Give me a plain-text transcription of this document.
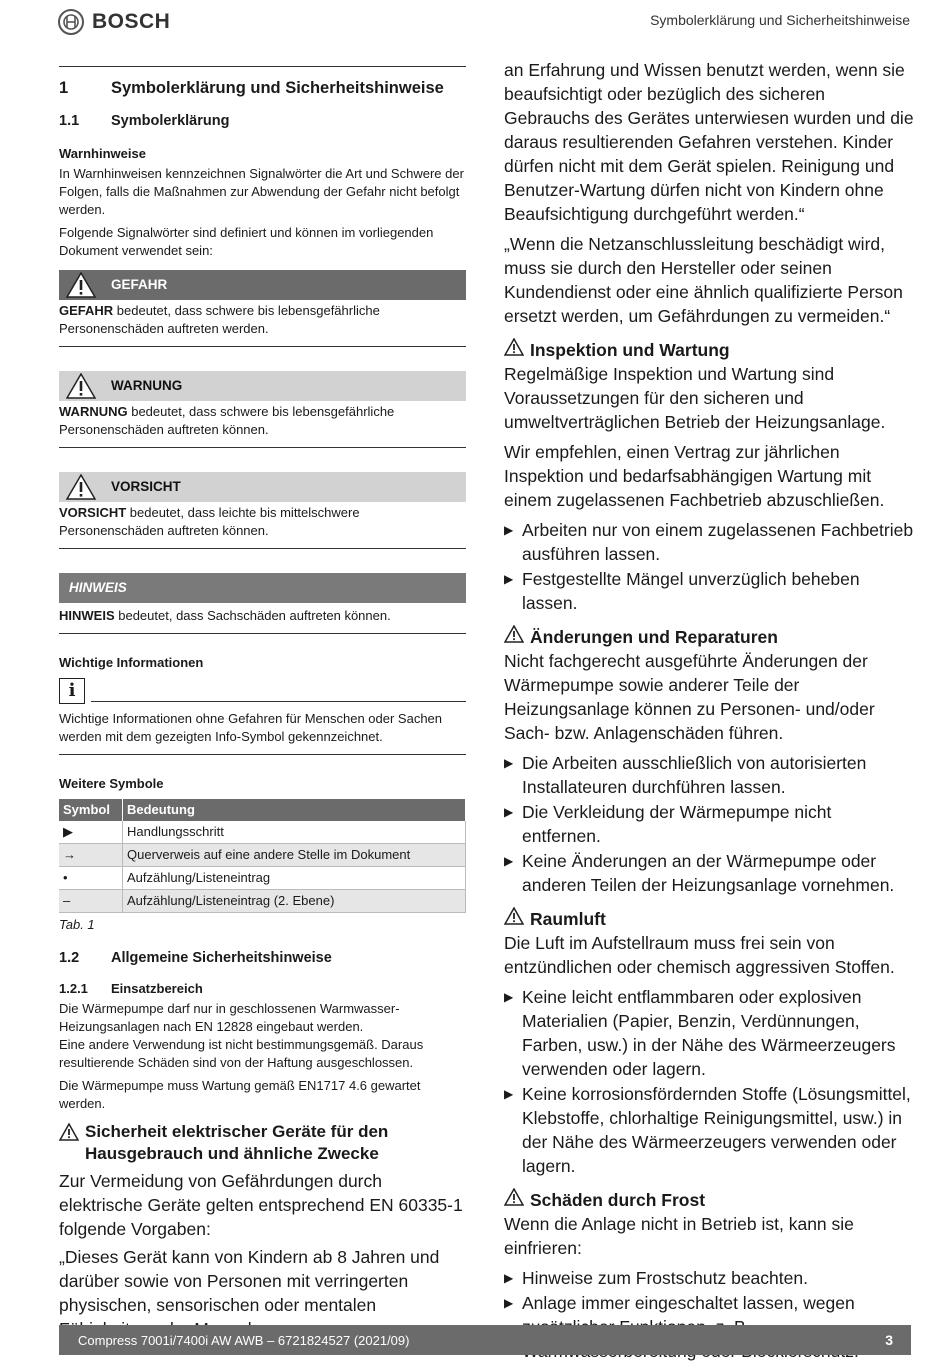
BOSCH	Symbolerklärung und Sicherheitshinweise
1	Symbolerklärung und Sicherheitshinweise
1.1	Symbolerklärung
Warnhinweise

In Warnhinweisen kennzeichnen Signalwörter die Art und Schwere der Folgen, falls die Maßnahmen zur Abwendung der Gefahr nicht befolgt werden.

Folgende Signalwörter sind definiert und können im vorliegenden Dokument verwendet sein:

GEFAHR
GEFAHR bedeutet, dass schwere bis lebensgefährliche Personenschäden auftreten werden.
WARNUNG
WARNUNG bedeutet, dass schwere bis lebensgefährliche Personenschäden auftreten können.
VORSICHT
VORSICHT bedeutet, dass leichte bis mittelschwere Personenschäden auftreten können.
HINWEIS
HINWEIS bedeutet, dass Sachschäden auftreten können.
Wichtige Informationen
i
Wichtige Informationen ohne Gefahren für Menschen oder Sachen werden mit dem gezeigten Info-Symbol gekennzeichnet.
Weitere Symbole
Symbol	Bedeutung
▶	Handlungsschritt
→	Querverweis auf eine andere Stelle im Dokument
•	Aufzählung/Listeneintrag
–	Aufzählung/Listeneintrag (2. Ebene)
Tab. 1
1.2	Allgemeine Sicherheitshinweise
1.2.1	Einsatzbereich

Die Wärmepumpe darf nur in geschlossenen Warmwasser-Heizungsanlagen nach EN 12828 eingebaut werden.

Eine andere Verwendung ist nicht bestimmungsgemäß. Daraus resultierende Schäden sind von der Haftung ausgeschlossen.

Die Wärmepumpe muss Wartung gemäß EN1717 4.6 gewartet werden.

Sicherheit elektrischer Geräte für den Hausgebrauch und ähnliche Zwecke

Zur Vermeidung von Gefährdungen durch elektrische Geräte gelten entsprechend EN 60335-1 folgende Vorgaben:

„Dieses Gerät kann von Kindern ab 8 Jahren und darüber sowie von Personen mit verringerten physischen, sensorischen oder mentalen

an Erfahrung und Wissen benutzt werden, wenn sie beaufsichtigt oder bezüglich des sicheren Gebrauchs des Gerätes unterwiesen wurden und die daraus resultierenden Gefahren verstehen. Kinder dürfen nicht mit dem Gerät spielen. Reinigung und Benutzer-Wartung dürfen nicht von Kindern ohne Beaufsichtigung durchgeführt werden.“

„Wenn die Netzanschlussleitung beschädigt wird, muss sie durch den Hersteller oder seinen Kundendienst oder eine ähnlich qualifizierte Person ersetzt werden, um Gefährdungen zu vermeiden.“

Inspektion und Wartung

Regelmäßige Inspektion und Wartung sind Voraussetzungen für den sicheren und umweltverträglichen Betrieb der Heizungsanlage.

Wir empfehlen, einen Vertrag zur jährlichen Inspektion und bedarfsabhängigen Wartung mit einem zugelassenen Fachbetrieb abzuschließen.

▶ Arbeiten nur von einem zugelassenen Fachbetrieb ausführen lassen.
▶ Festgestellte Mängel unverzüglich beheben lassen.
Änderungen und Reparaturen

Nicht fachgerecht ausgeführte Änderungen der Wärmepumpe sowie anderer Teile der Heizungsanlage können zu Personen- und/oder Sach- bzw. Anlagenschäden führen.

▶ Die Arbeiten ausschließlich von autorisierten Installateuren durchführen lassen.
▶ Die Verkleidung der Wärmepumpe nicht entfernen.
▶ Keine Änderungen an der Wärmepumpe oder anderen Teilen der Heizungsanlage vornehmen.
Raumluft

Die Luft im Aufstellraum muss frei sein von entzündlichen oder chemisch aggressiven Stoffen.

▶ Keine leicht entflammbaren oder explosiven Materialien (Papier, Benzin, Verdünnungen, Farben, usw.) in der Nähe des Wärmeerzeugers verwenden oder lagern.
▶ Keine korrosionsfördernden Stoffe (Lösungsmittel, Klebstoffe, chlorhaltige Reinigungsmittel, usw.) in der Nähe des Wärmeerzeugers verwenden oder lagern.
Schäden durch Frost

Wenn die Anlage nicht in Betrieb ist, kann sie einfrieren:

▶ Hinweise zum Frostschutz beachten.
▶ Anlage immer eingeschaltet lassen, wegen
Compress 7001i/7400i AW AWB – 6721824527 (2021/09)	3
